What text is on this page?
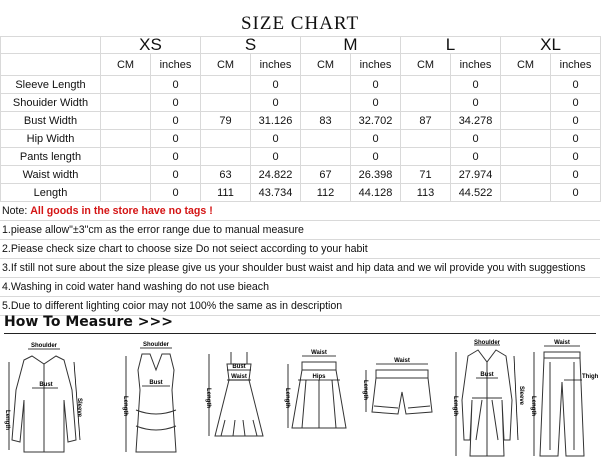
SIZE CHART
	XS		S		M		L		XL	
	CM	inches	CM	inches	CM	inches	CM	inches	CM	inches
Sleeve Length		0		0		0		0		0
Shouider Width		0		0		0		0		0
Bust Width		0	79	31.126	83	32.702	87	34.278		0
Hip Width		0		0		0		0		0
Pants length		0		0		0		0		0
Waist width		0	63	24.822	67	26.398	71	27.974		0
Length		0	111	43.734	112	44.128	113	44.522		0
Note: All goods in the store have no tags !
1.piease allow"±3"cm as the error range due to manual measure
2.Piease check size chart to choose size Do not seiect according to your habit
3.If still not sure about the size please give us your shoulder bust waist and hip data and we wil provide you with suggestions
4.Washing in coid water hand washing do not use bieach
5.Due to different lighting coior may not 100% the same as in description
How To Measure >>>
Shoulder
Bust
Length
Sleeve
Shoulder
Bust
Length
Bust
Waist
Length
Waist
Hips
Length
Waist
Length
Shoulder
Bust
Length
Sleeve
Waist
Thigh
Length
